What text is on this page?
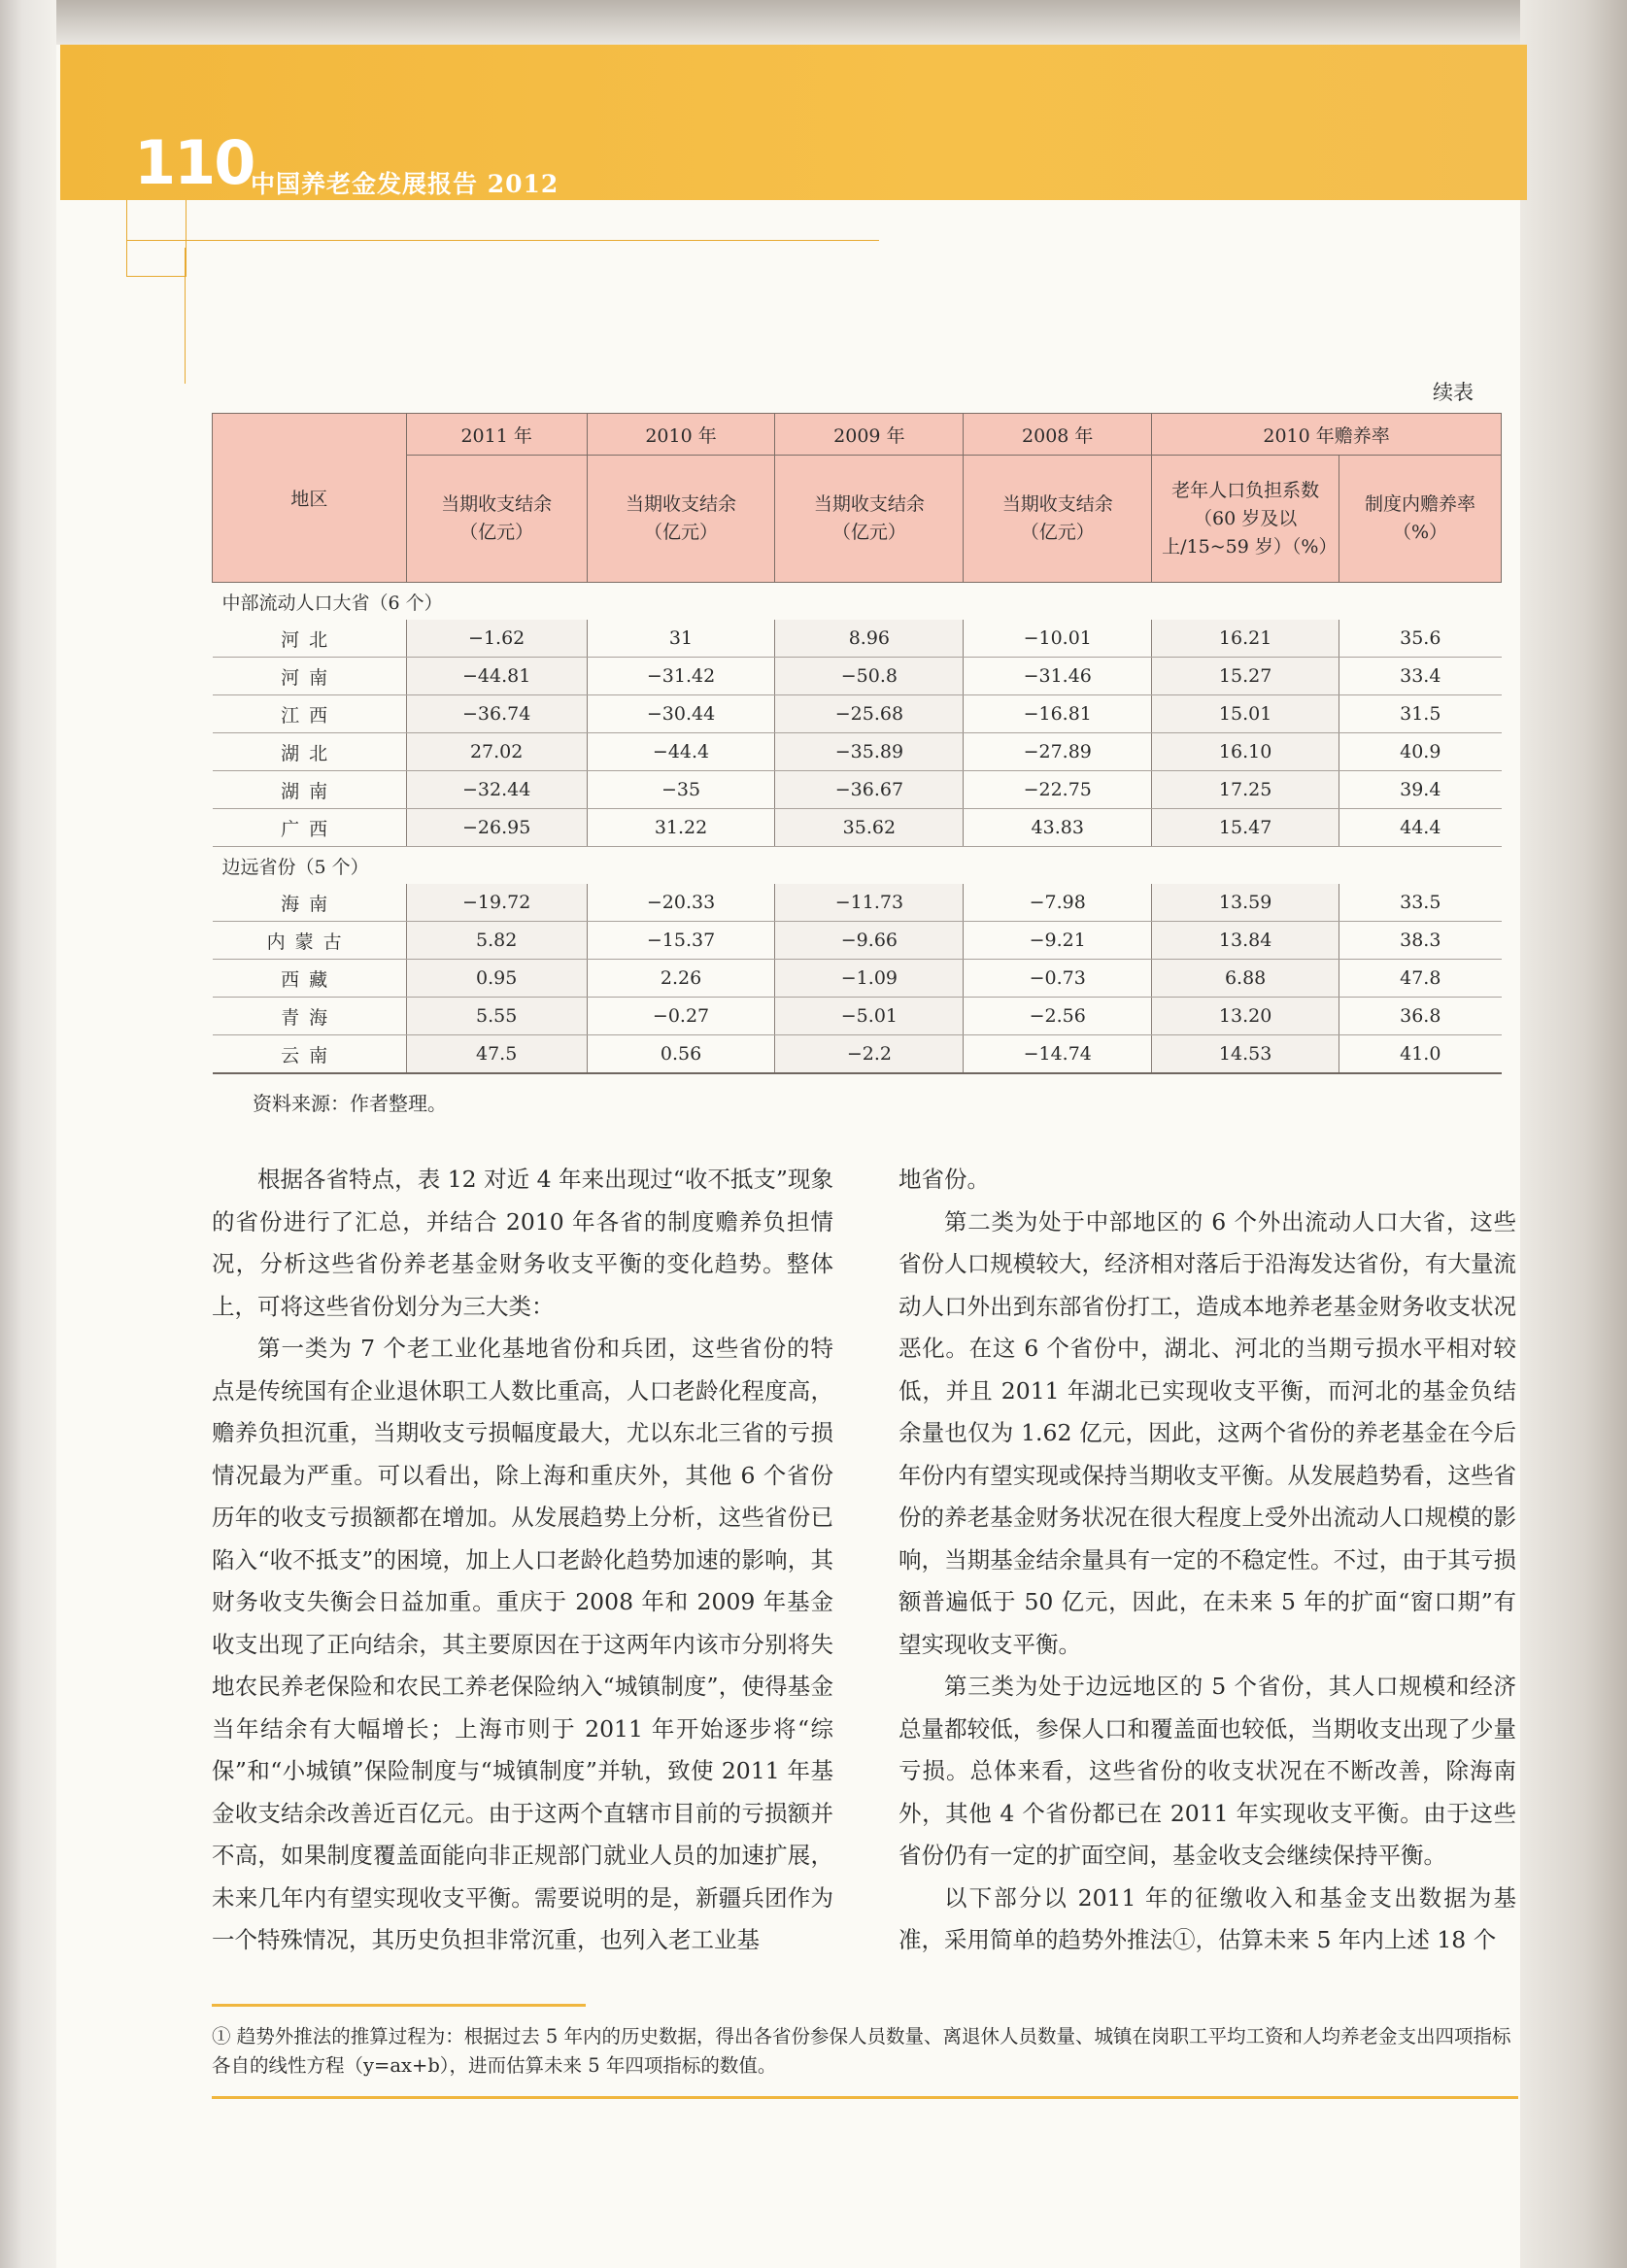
110
中国养老金发展报告 2012
续表
地区	2011 年	2010 年	2009 年	2008 年	2010 年赡养率	
	当期收支结余（亿元）	当期收支结余（亿元）	当期收支结余（亿元）	当期收支结余（亿元）	老年人口负担系数（60 岁及以上/15~59 岁）（%）	制度内赡养率（%）
中部流动人口大省（6 个）						
河北	−1.62	31	8.96	−10.01	16.21	35.6
河南	−44.81	−31.42	−50.8	−31.46	15.27	33.4
江西	−36.74	−30.44	−25.68	−16.81	15.01	31.5
湖北	27.02	−44.4	−35.89	−27.89	16.10	40.9
湖南	−32.44	−35	−36.67	−22.75	17.25	39.4
广西	−26.95	31.22	35.62	43.83	15.47	44.4
边远省份（5 个）						
海南	−19.72	−20.33	−11.73	−7.98	13.59	33.5
内蒙古	5.82	−15.37	−9.66	−9.21	13.84	38.3
西藏	0.95	2.26	−1.09	−0.73	6.88	47.8
青海	5.55	−0.27	−5.01	−2.56	13.20	36.8
云南	47.5	0.56	−2.2	−14.74	14.53	41.0
资料来源：作者整理。

根据各省特点，表 12 对近 4 年来出现过“收不抵支”现象的省份进行了汇总，并结合 2010 年各省的制度赡养负担情况，分析这些省份养老基金财务收支平衡的变化趋势。整体上，可将这些省份划分为三大类：

第一类为 7 个老工业化基地省份和兵团，这些省份的特点是传统国有企业退休职工人数比重高，人口老龄化程度高，赡养负担沉重，当期收支亏损幅度最大，尤以东北三省的亏损情况最为严重。可以看出，除上海和重庆外，其他 6 个省份历年的收支亏损额都在增加。从发展趋势上分析，这些省份已陷入“收不抵支”的困境，加上人口老龄化趋势加速的影响，其财务收支失衡会日益加重。重庆于 2008 年和 2009 年基金收支出现了正向结余，其主要原因在于这两年内该市分别将失地农民养老保险和农民工养老保险纳入“城镇制度”，使得基金当年结余有大幅增长；上海市则于 2011 年开始逐步将“综保”和“小城镇”保险制度与“城镇制度”并轨，致使 2011 年基金收支结余改善近百亿元。由于这两个直辖市目前的亏损额并不高，如果制度覆盖面能向非正规部门就业人员的加速扩展，未来几年内有望实现收支平衡。需要说明的是，新疆兵团作为一个特殊情况，其历史负担非常沉重，也列入老工业基

地省份。

第二类为处于中部地区的 6 个外出流动人口大省，这些省份人口规模较大，经济相对落后于沿海发达省份，有大量流动人口外出到东部省份打工，造成本地养老基金财务收支状况恶化。在这 6 个省份中，湖北、河北的当期亏损水平相对较低，并且 2011 年湖北已实现收支平衡，而河北的基金负结余量也仅为 1.62 亿元，因此，这两个省份的养老基金在今后年份内有望实现或保持当期收支平衡。从发展趋势看，这些省份的养老基金财务状况在很大程度上受外出流动人口规模的影响，当期基金结余量具有一定的不稳定性。不过，由于其亏损额普遍低于 50 亿元，因此，在未来 5 年的扩面“窗口期”有望实现收支平衡。

第三类为处于边远地区的 5 个省份，其人口规模和经济总量都较低，参保人口和覆盖面也较低，当期收支出现了少量亏损。总体来看，这些省份的收支状况在不断改善，除海南外，其他 4 个省份都已在 2011 年实现收支平衡。由于这些省份仍有一定的扩面空间，基金收支会继续保持平衡。

以下部分以 2011 年的征缴收入和基金支出数据为基准，采用简单的趋势外推法①，估算未来 5 年内上述 18 个

① 趋势外推法的推算过程为：根据过去 5 年内的历史数据，得出各省份参保人员数量、离退休人员数量、城镇在岗职工平均工资和人均养老金支出四项指标各自的线性方程（y=ax+b），进而估算未来 5 年四项指标的数值。
